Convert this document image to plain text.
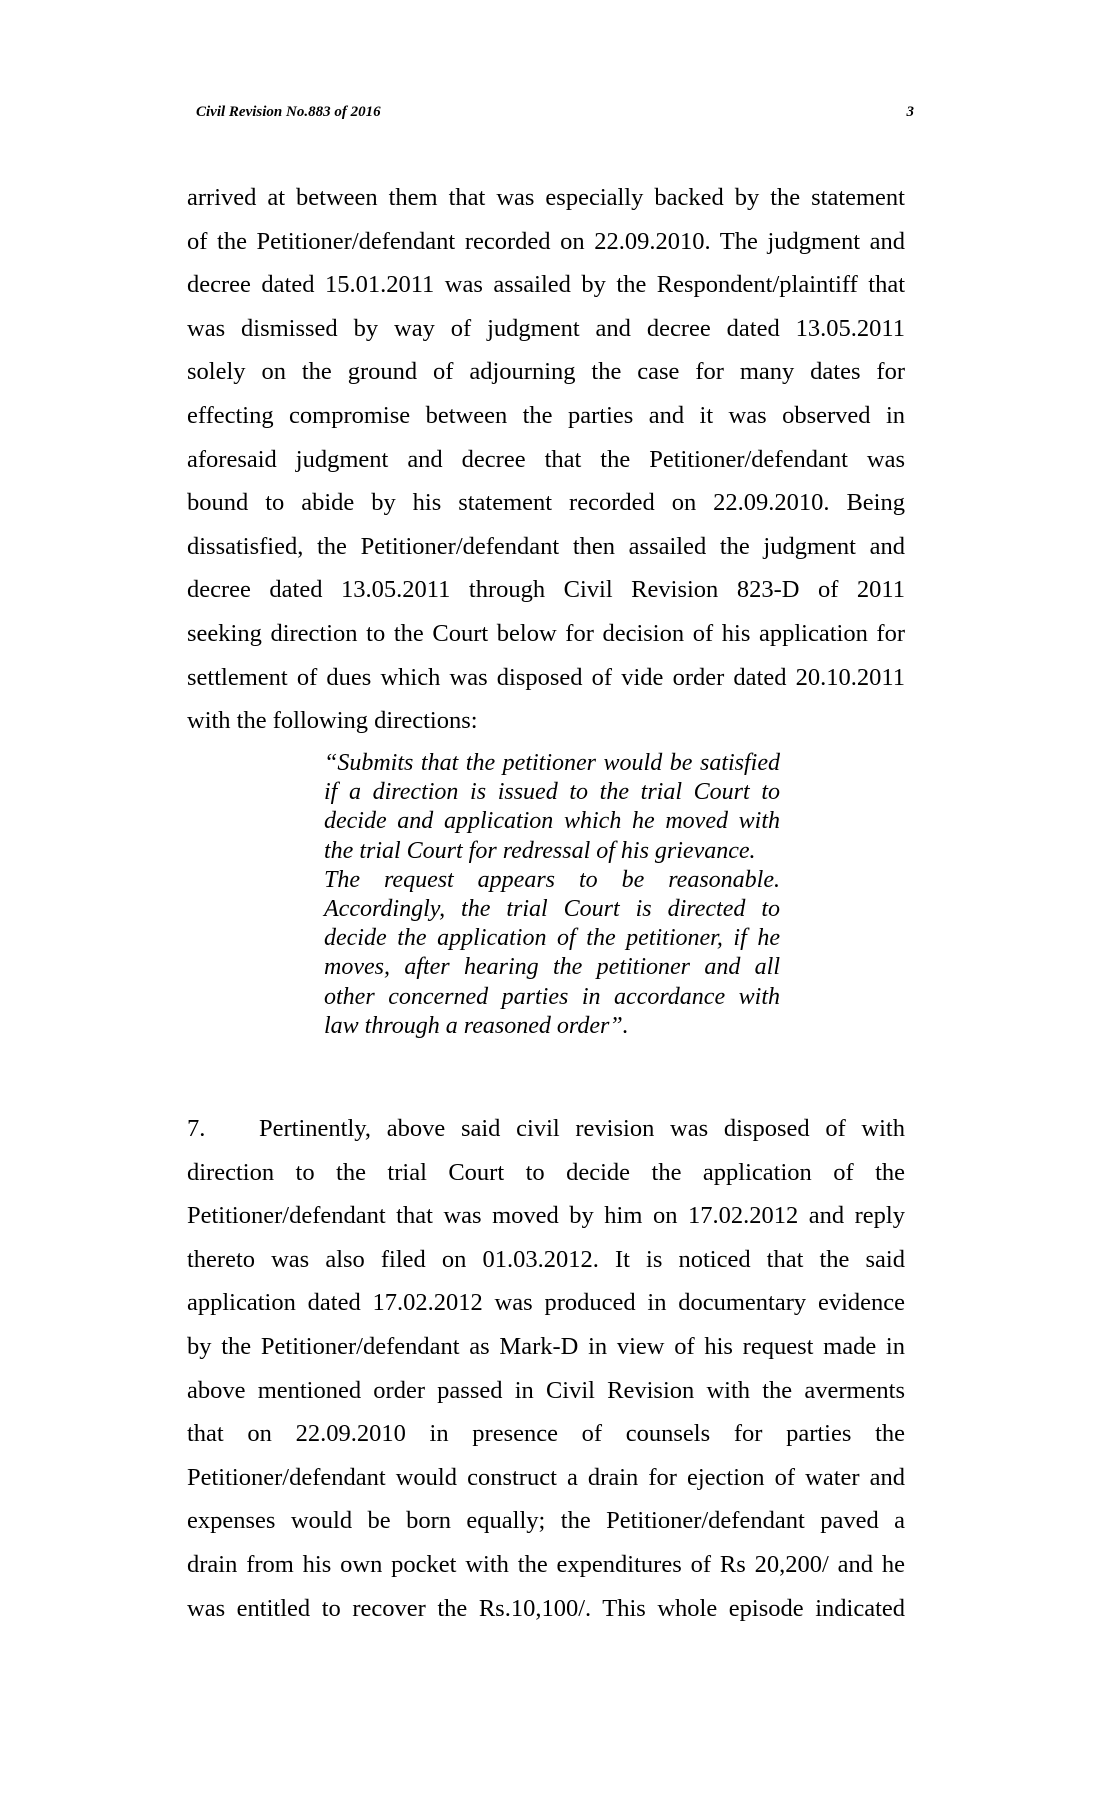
Civil Revision No.883 of 2016	3
arrived at between them that was especially backed by the statement
of the Petitioner/defendant recorded on 22.09.2010. The judgment and
decree dated 15.01.2011 was assailed by the Respondent/plaintiff that
was dismissed by way of judgment and decree dated 13.05.2011
solely on the ground of adjourning the case for many dates for
effecting compromise between the parties and it was observed in
aforesaid judgment and decree that the Petitioner/defendant was
bound to abide by his statement recorded on 22.09.2010. Being
dissatisfied, the Petitioner/defendant then assailed the judgment and
decree dated 13.05.2011 through Civil Revision 823-D of 2011
seeking direction to the Court below for decision of his application for
settlement of dues which was disposed of vide order dated 20.10.2011
with the following directions:

“Submits that the petitioner would be satisfied if a direction is issued to the trial Court to decide and application which he moved with the trial Court for redressal of his grievance.

The request appears to be reasonable. Accordingly, the trial Court is directed to decide the application of the petitioner, if he moves, after hearing the petitioner and all other concerned parties in accordance with law through a reasoned order”.

7. Pertinently, above said civil revision was disposed of with
direction to the trial Court to decide the application of the
Petitioner/defendant that was moved by him on 17.02.2012 and reply
thereto was also filed on 01.03.2012. It is noticed that the said
application dated 17.02.2012 was produced in documentary evidence
by the Petitioner/defendant as Mark-D in view of his request made in
above mentioned order passed in Civil Revision with the averments
that on 22.09.2010 in presence of counsels for parties the
Petitioner/defendant would construct a drain for ejection of water and
expenses would be born equally; the Petitioner/defendant paved a
drain from his own pocket with the expenditures of Rs 20,200/ and he
was entitled to recover the Rs.10,100/. This whole episode indicated
